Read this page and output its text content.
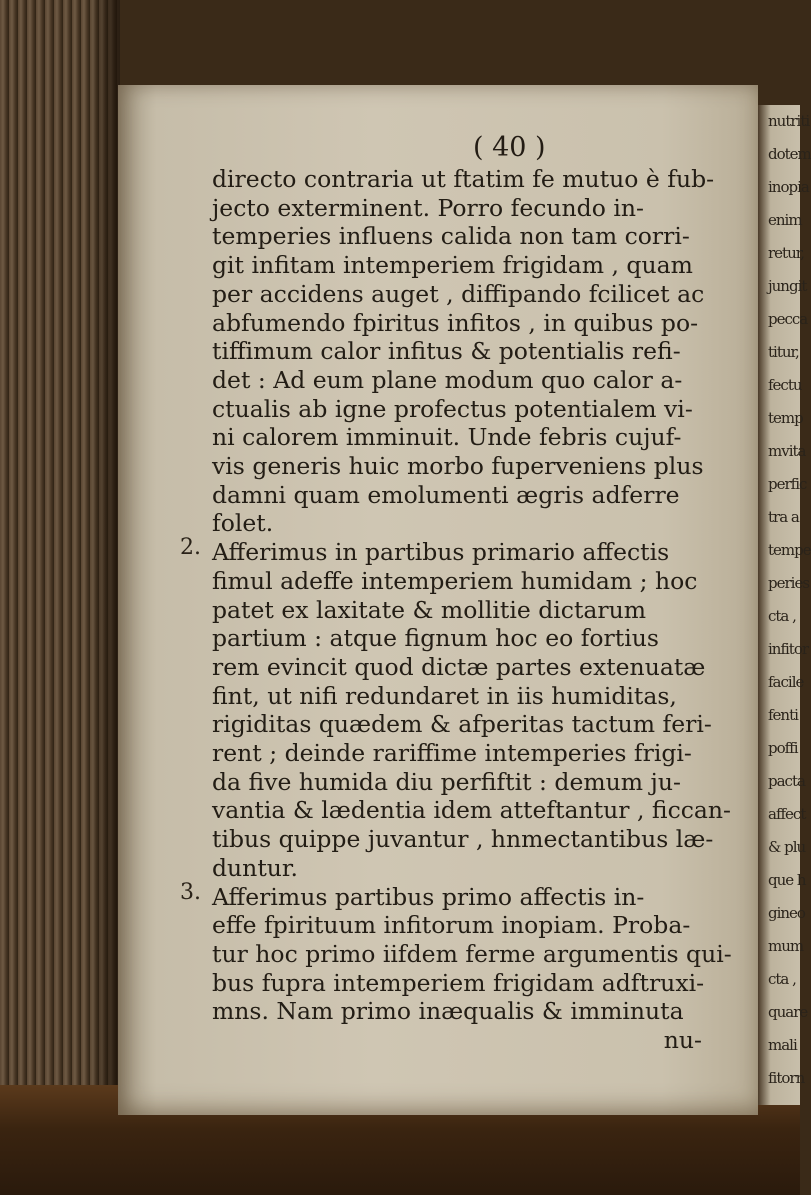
nutriti
dotem
inopia
enim
retur,
jungit
pecca
titur,
fectu
temp
mvita
perfic
tra a
tempe
peries
cta ,
infitor
facile
fenti
poffi
pacta
affect
& plu
que h
gineo
mum
cta ,
quare
mali
fitorn
( 40 )
directo contraria ut ftatim fe mutuo è fub-
jecto exterminent. Porro fecundo in-
temperies influens calida non tam corri-
git infitam intemperiem frigidam , quam
per accidens auget , diffipando fcilicet ac
abfumendo fpiritus infitos , in quibus po-
tiffimum calor infitus & potentialis refi-
det : Ad eum plane modum quo calor a-
ctualis ab igne profectus potentialem vi-
ni calorem imminuit. Unde febris cujuf-
vis generis huic morbo fuperveniens plus
damni quam emolumenti ægris adferre
folet.
Afferimus in partibus primario affectis
fimul adeffe intemperiem humidam ; hoc
patet ex laxitate & mollitie dictarum
partium : atque fignum hoc eo fortius
rem evincit quod dictæ partes extenuatæ
fint, ut nifi redundaret in iis humiditas,
rigiditas quædem & afperitas tactum feri-
rent ; deinde rariffime intemperies frigi-
da five humida diu perfiftit : demum ju-
vantia & lædentia idem atteftantur , ficcan-
tibus quippe juvantur , hnmectantibus læ-
duntur.
Afferimus partibus primo affectis in-
effe fpirituum infitorum inopiam. Proba-
tur hoc primo iifdem ferme argumentis qui-
bus fupra intemperiem frigidam adftruxi-
mns. Nam primo inæqualis & imminuta
nu-
2.
3.
